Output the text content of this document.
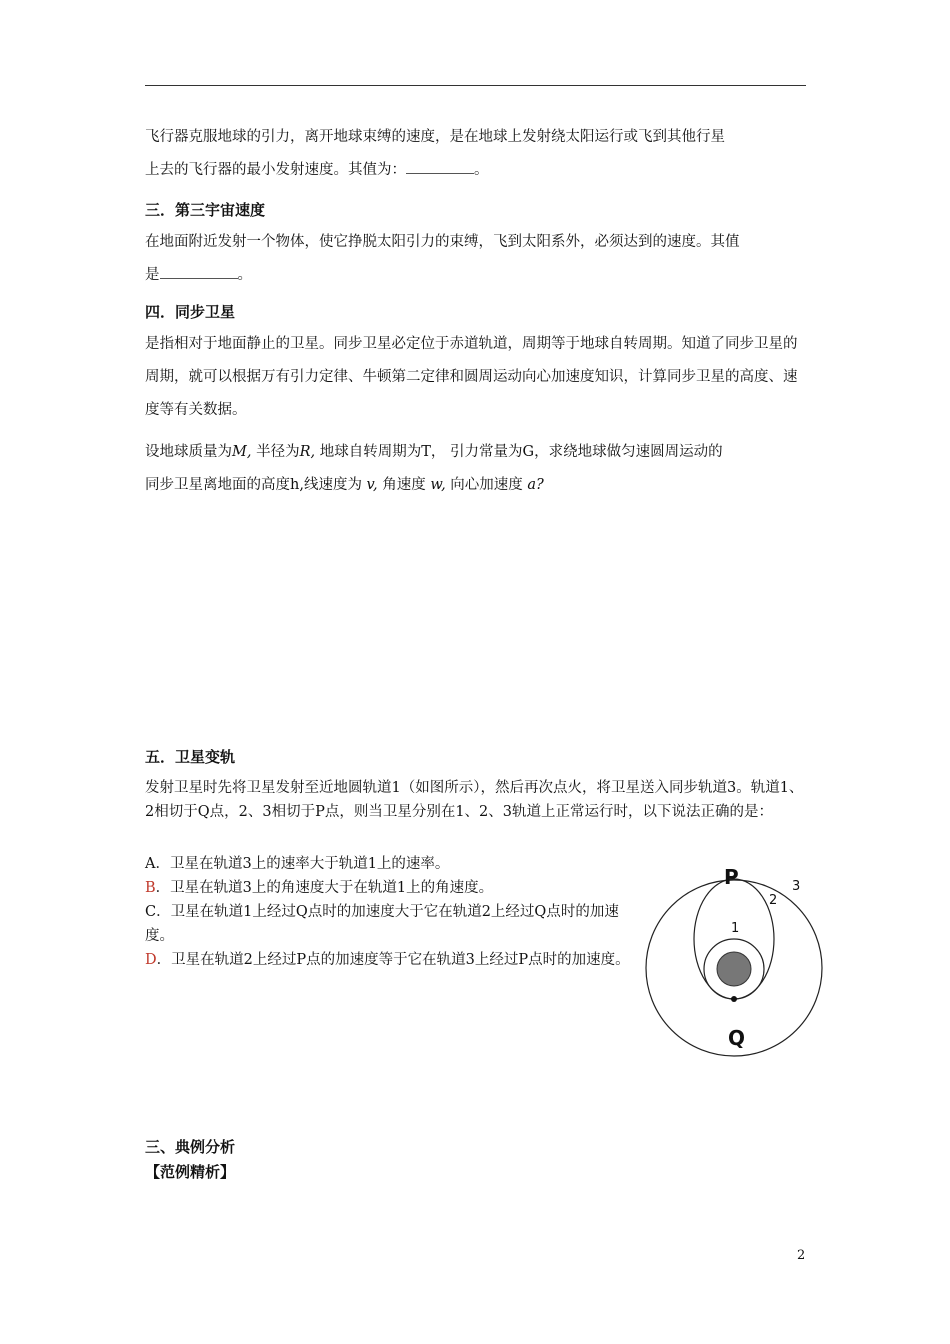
飞行器克服地球的引力，离开地球束缚的速度，是在地球上发射绕太阳运行或飞到其他行星
上去的飞行器的最小发射速度。其值为：	。
三．第三宇宙速度
在地面附近发射一个物体，使它挣脱太阳引力的束缚，飞到太阳系外，必须达到的速度。其值
是	。
四．同步卫星
是指相对于地面静止的卫星。同步卫星必定位于赤道轨道，周期等于地球自转周期。知道了同步卫星的周期，就可以根据万有引力定律、牛顿第二定律和圆周运动向心加速度知识，计算同步卫星的高度、速度等有关数据。
设地球质量为M, 半径为R, 地球自转周期为T， 引力常量为G，求绕地球做匀速圆周运动的
同步卫星离地面的高度h,线速度为 v, 角速度 w, 向心加速度 a?
五．卫星变轨
发射卫星时先将卫星发射至近地圆轨道1（如图所示），然后再次点火，将卫星送入同步轨道3。轨道1、2相切于Q点，2、3相切于P点，则当卫星分别在1、2、3轨道上正常运行时，以下说法正确的是：
A．卫星在轨道3上的速率大于轨道1上的速率。
B．卫星在轨道3上的角速度大于在轨道1上的角速度。
C．卫星在轨道1上经过Q点时的加速度大于它在轨道2上经过Q点时的加速度。
D．卫星在轨道2上经过P点的加速度等于它在轨道3上经过P点时的加速度。
P
Q
1
2
3
三、典例分析
【范例精析】
2
